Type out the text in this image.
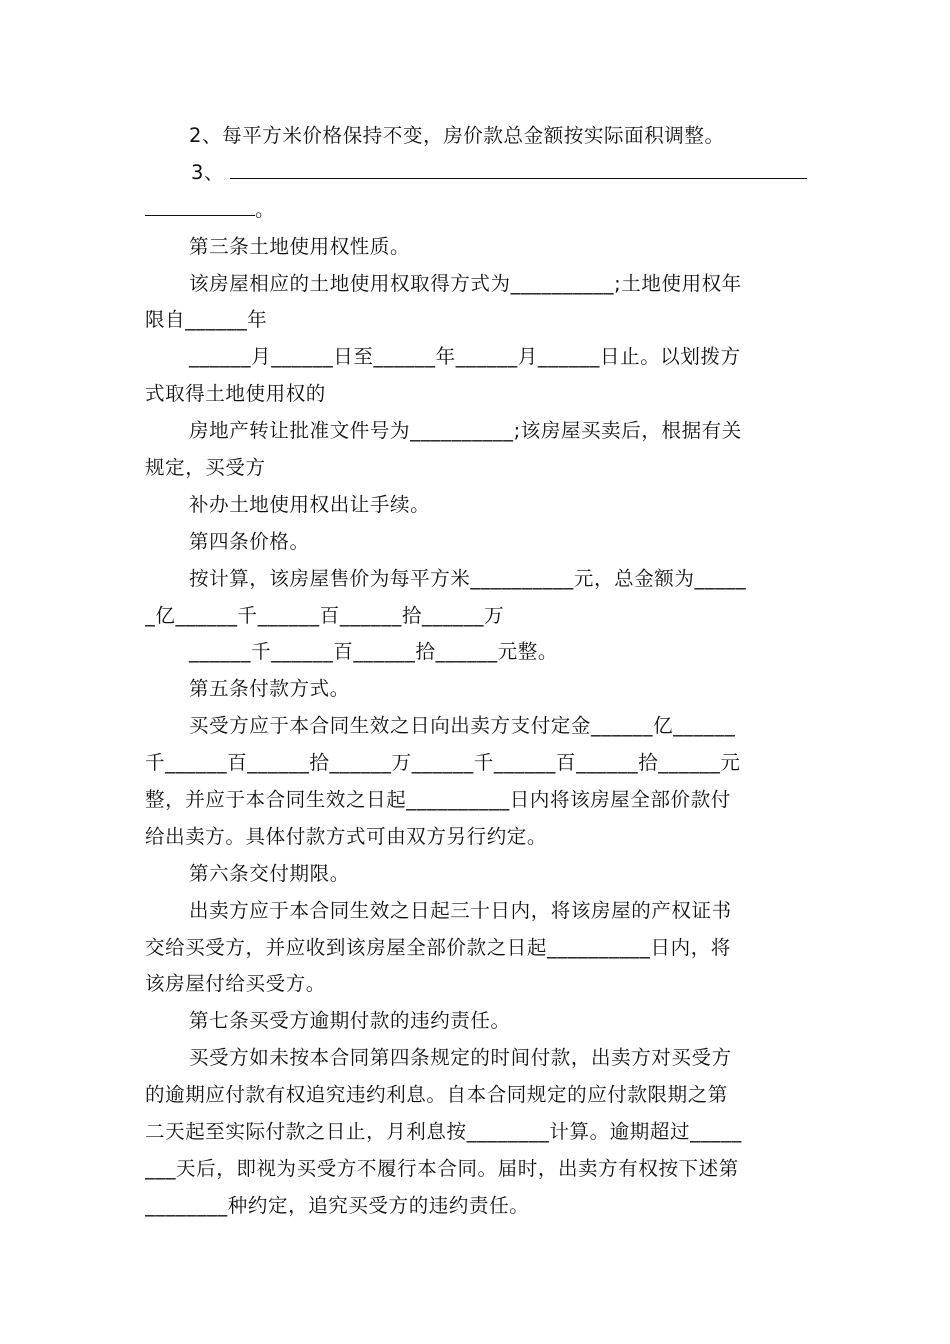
2、每平方米价格保持不变，房价款总金额按实际面积调整。
3、
。
第三条土地使用权性质。
该房屋相应的土地使用权取得方式为__________;土地使用权年
限自______年
______月______日至______年______月______日止。以划拨方
式取得土地使用权的
房地产转让批准文件号为__________;该房屋买卖后，根据有关
规定，买受方
补办土地使用权出让手续。
第四条价格。
按计算，该房屋售价为每平方米__________元，总金额为_____
_亿______千______百______拾______万
______千______百______拾______元整。
第五条付款方式。
买受方应于本合同生效之日向出卖方支付定金______亿______
千______百______拾______万______千______百______拾______元
整，并应于本合同生效之日起__________日内将该房屋全部价款付
给出卖方。具体付款方式可由双方另行约定。
第六条交付期限。
出卖方应于本合同生效之日起三十日内，将该房屋的产权证书
交给买受方，并应收到该房屋全部价款之日起__________日内，将
该房屋付给买受方。
第七条买受方逾期付款的违约责任。
买受方如未按本合同第四条规定的时间付款，出卖方对买受方
的逾期应付款有权追究违约利息。自本合同规定的应付款限期之第
二天起至实际付款之日止，月利息按________计算。逾期超过_____
___天后，即视为买受方不履行本合同。届时，出卖方有权按下述第
________种约定，追究买受方的违约责任。
